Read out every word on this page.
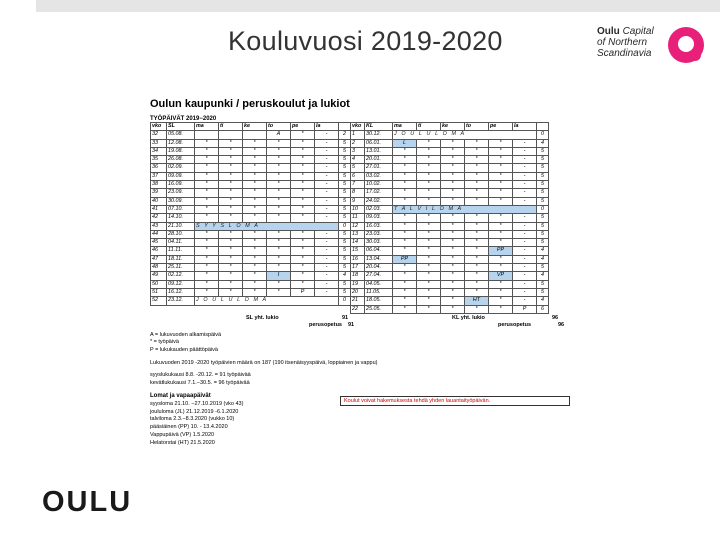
Kouluvuosi 2019-2020	Oulu Capital
of Northern
Scandinavia
Oulun kaupunki / peruskoulut ja lukiot
TYÖPÄIVÄT 2019−2020
vko	SL	ma	ti	ke	to	pe	la		vko	KL	ma	ti	ke	to	pe	la	
32	05.08.				A	*	-	2	1	30.12.	J O U L U L O M A						0
33	12.08.	*	*	*	*	*	-	5	2	06.01.	L	*	*	*	*	-	4
34	19.08.	*	*	*	*	*	-	5	3	13.01.	*	*	*	*	*	-	5
35	26.08.	*	*	*	*	*	-	5	4	20.01.	*	*	*	*	*	-	5
36	02.09.	*	*	*	*	*	-	5	5	27.01.	*	*	*	*	*	-	5
37	09.09.	*	*	*	*	*	-	5	6	03.02.	*	*	*	*	*	-	5
38	16.09.	*	*	*	*	*	-	5	7	10.02.	*	*	*	*	*	-	5
39	23.09.	*	*	*	*	*	-	5	8	17.02.	*	*	*	*	*	-	5
40	30.09.	*	*	*	*	*	-	5	9	24.02.	*	*	*	*	*	-	5
41	07.10.	*	*	*	*	*	-	5	10	02.03.	T A L V I L O M A						0
42	14.10.	*	*	*	*	*	-	5	11	09.03.	*	*	*	*	*	-	5
43	21.10.	S Y Y S L O M A						0	12	16.03.	*	*	*	*	*	-	5
44	28.10.	*	*	*	*	*	-	5	13	23.03.	*	*	*	*	*	-	5
45	04.11.	*	*	*	*	*	-	5	14	30.03.	*	*	*	*	*	-	5
46	11.11.	*	*	*	*	*	-	5	15	06.04.	*	*	*	*	PP	-	4
47	18.11.	*	*	*	*	*	-	5	16	13.04.	PP	*	*	*	*	-	4
48	25.11.	*	*	*	*	*	-	5	17	20.04.	*	*	*	*	*	-	5
49	02.12.	*	*	*	I	*	-	4	18	27.04.	*	*	*	*	VP	-	4
50	09.12.	*	*	*	*	*	-	5	19	04.05.	*	*	*	*	*	-	5
51	16.12.	*	*	*	*	P	-	5	20	11.05.	*	*	*	*	*	-	5
52	23.12.	J O U L U L O M A						0	21	18.05.	*	*	*	HT	*	-	4
									22	25.05.	*	*	*	*	*	P	6
SL yht. lukio	91	KL yht. lukio	96
perusopetus	91	perusopetus	96
A = lukuvuoden alkamispäivä
* = työpäivä
P = lukukauden päättöpäivä
Lukuvuoden 2019 -2020 työpäivien määrä on 187 (190 itsenäisyyspäivä, loppiainen ja vappu)
syyslukukausi 8.8. -20.12. = 91 työpäivää
kevätlukukausi 7.1.−30.5. = 96 työpäivää
Koulut voivat hakemuksesta tehdä yhden lauantaityöpäivän.
Lomat ja vapaapäivät
syysloma 21.10. −27.10.2019 (vko 43)
joululoma (JL) 21.12.2019 -6.1.2020
talviloma 2.3.−8.3.2020 (vukko 10)
pääsiäinen (PP) 10. - 13.4.2020
Vappupäivä (VP) 1.5.2020
Helatorstai (HT) 21.5.2020
OULU
